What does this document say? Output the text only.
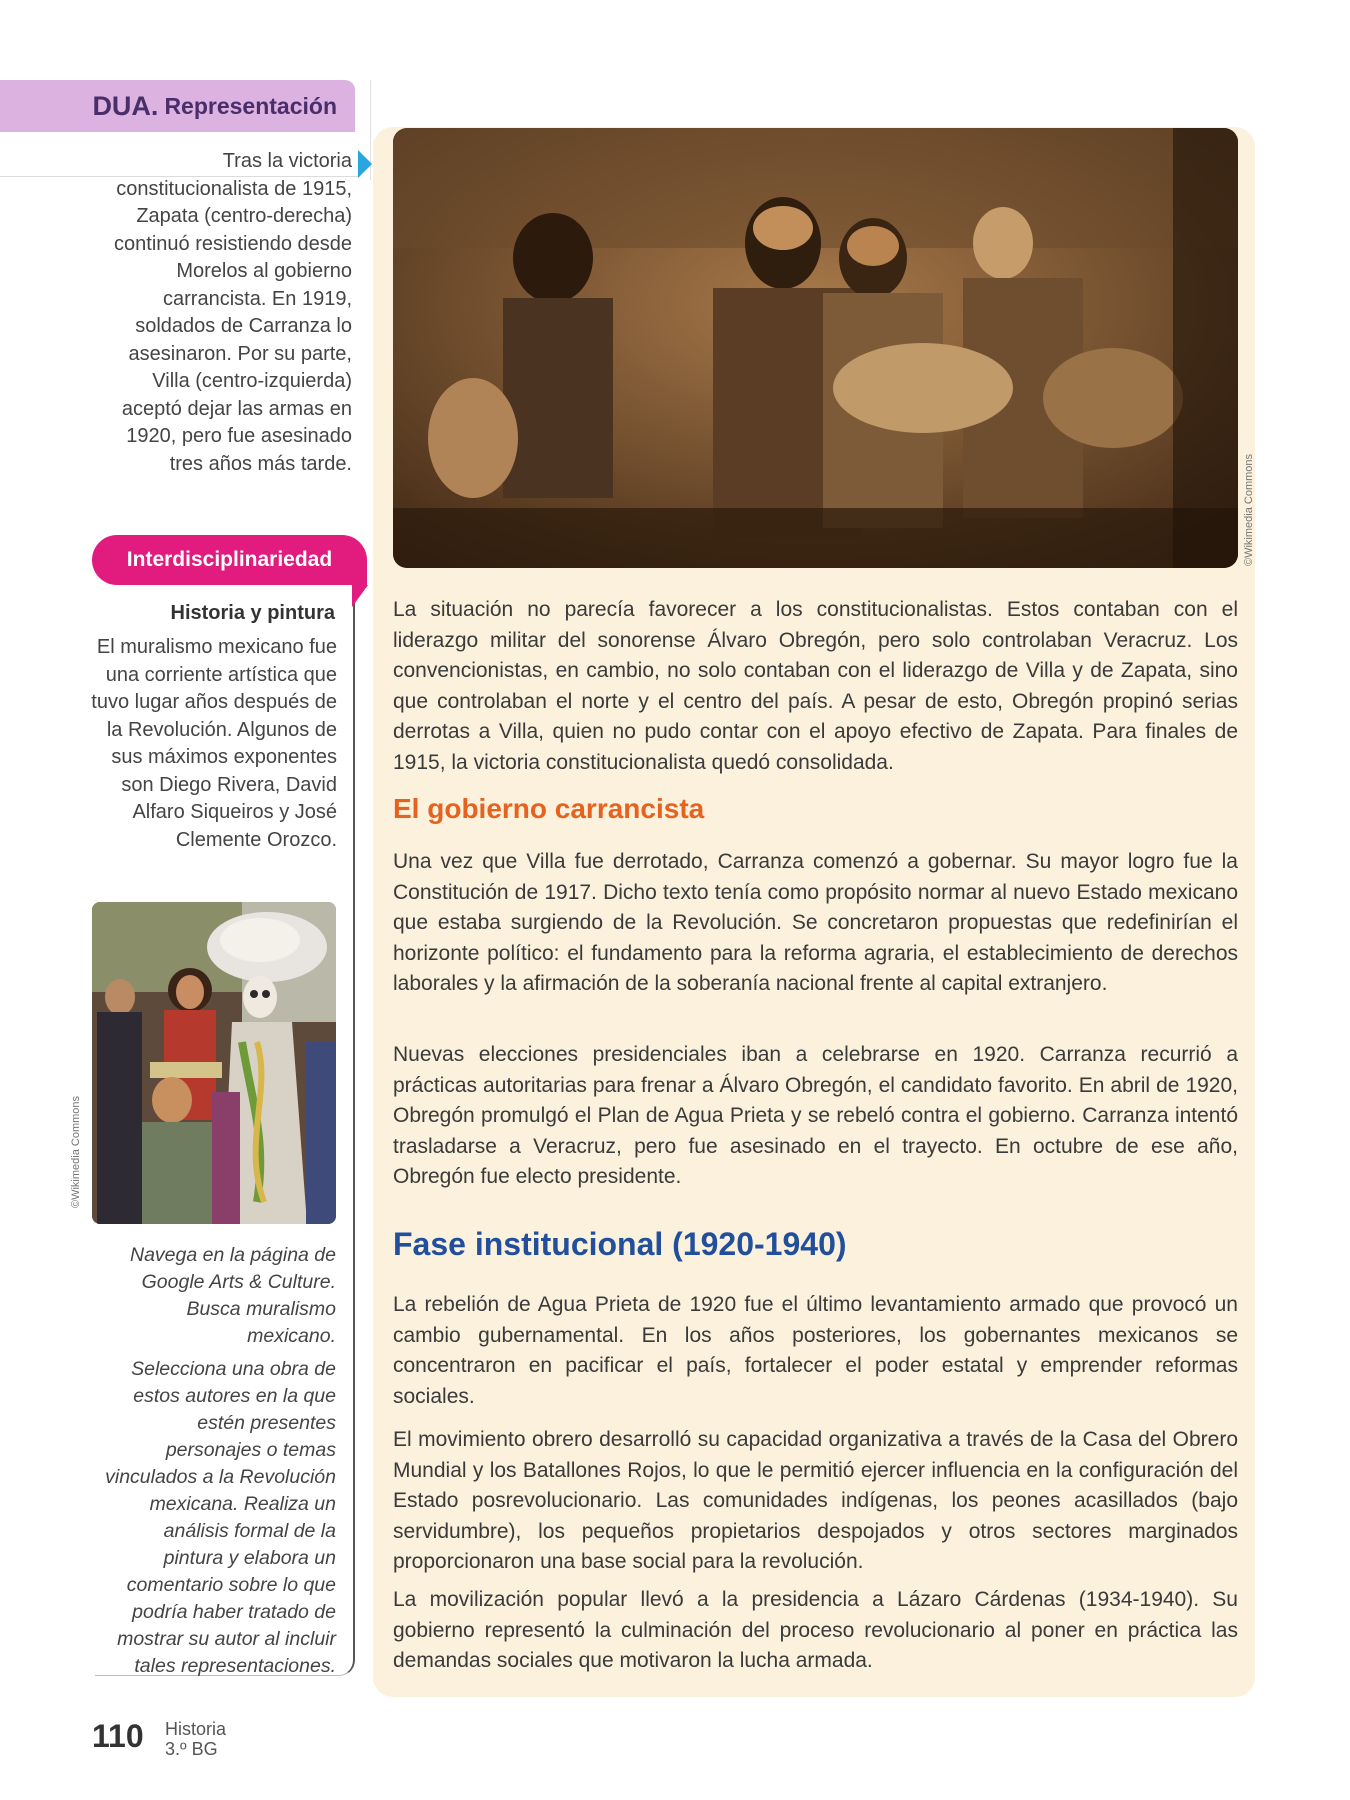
DUA. Representación
Tras la victoria constitucionalista de 1915, Zapata (centro-derecha) continuó resistiendo desde Morelos al gobierno carrancista. En 1919, soldados de Carranza lo asesinaron. Por su parte, Villa (centro-izquierda) aceptó dejar las armas en 1920, pero fue asesinado tres años más tarde.
Interdisciplinariedad
Historia y pintura
El muralismo mexicano fue una corriente artística que tuvo lugar años después de la Revolución. Algunos de sus máximos exponentes son Diego Rivera, David Alfaro Siqueiros y José Clemente Orozco.
©Wikimedia Commons

Navega en la página de Google Arts & Culture. Busca muralismo mexicano.

Selecciona una obra de estos autores en la que estén presentes personajes o temas vinculados a la Revolución mexicana. Realiza un análisis formal de la pintura y elabora un comentario sobre lo que podría haber tratado de mostrar su autor al incluir tales representaciones.

©Wikimedia Commons

La situación no parecía favorecer a los constitucionalistas. Estos contaban con el liderazgo militar del sonorense Álvaro Obregón, pero solo controlaban Veracruz. Los convencionistas, en cambio, no solo contaban con el liderazgo de Villa y de Zapata, sino que controlaban el norte y el centro del país. A pesar de esto, Obregón propinó serias derrotas a Villa, quien no pudo contar con el apoyo efectivo de Zapata. Para finales de 1915, la victoria constitucionalista quedó consolidada.

El gobierno carrancista

Una vez que Villa fue derrotado, Carranza comenzó a gobernar. Su mayor logro fue la Constitución de 1917. Dicho texto tenía como propósito normar al nuevo Estado mexicano que estaba surgiendo de la Revolución. Se concretaron propuestas que redefinirían el horizonte político: el fundamento para la reforma agraria, el establecimiento de derechos laborales y la afirmación de la soberanía nacional frente al capital extranjero.

Nuevas elecciones presidenciales iban a celebrarse en 1920. Carranza recurrió a prácticas autoritarias para frenar a Álvaro Obregón, el candidato favorito. En abril de 1920, Obregón promulgó el Plan de Agua Prieta y se rebeló contra el gobierno. Carranza intentó trasladarse a Veracruz, pero fue asesinado en el trayecto. En octubre de ese año, Obregón fue electo presidente.

Fase institucional (1920-1940)

La rebelión de Agua Prieta de 1920 fue el último levantamiento armado que provocó un cambio gubernamental. En los años posteriores, los gobernantes mexicanos se concentraron en pacificar el país, fortalecer el poder estatal y emprender reformas sociales.

El movimiento obrero desarrolló su capacidad organizativa a través de la Casa del Obrero Mundial y los Batallones Rojos, lo que le permitió ejercer influencia en la configuración del Estado posrevolucionario. Las comunidades indígenas, los peones acasillados (bajo servidumbre), los pequeños propietarios despojados y otros sectores marginados proporcionaron una base social para la revolución.

La movilización popular llevó a la presidencia a Lázaro Cárdenas (1934-1940). Su gobierno representó la culminación del proceso revolucionario al poner en práctica las demandas sociales que motivaron la lucha armada.

110 Historia
3.º BG
